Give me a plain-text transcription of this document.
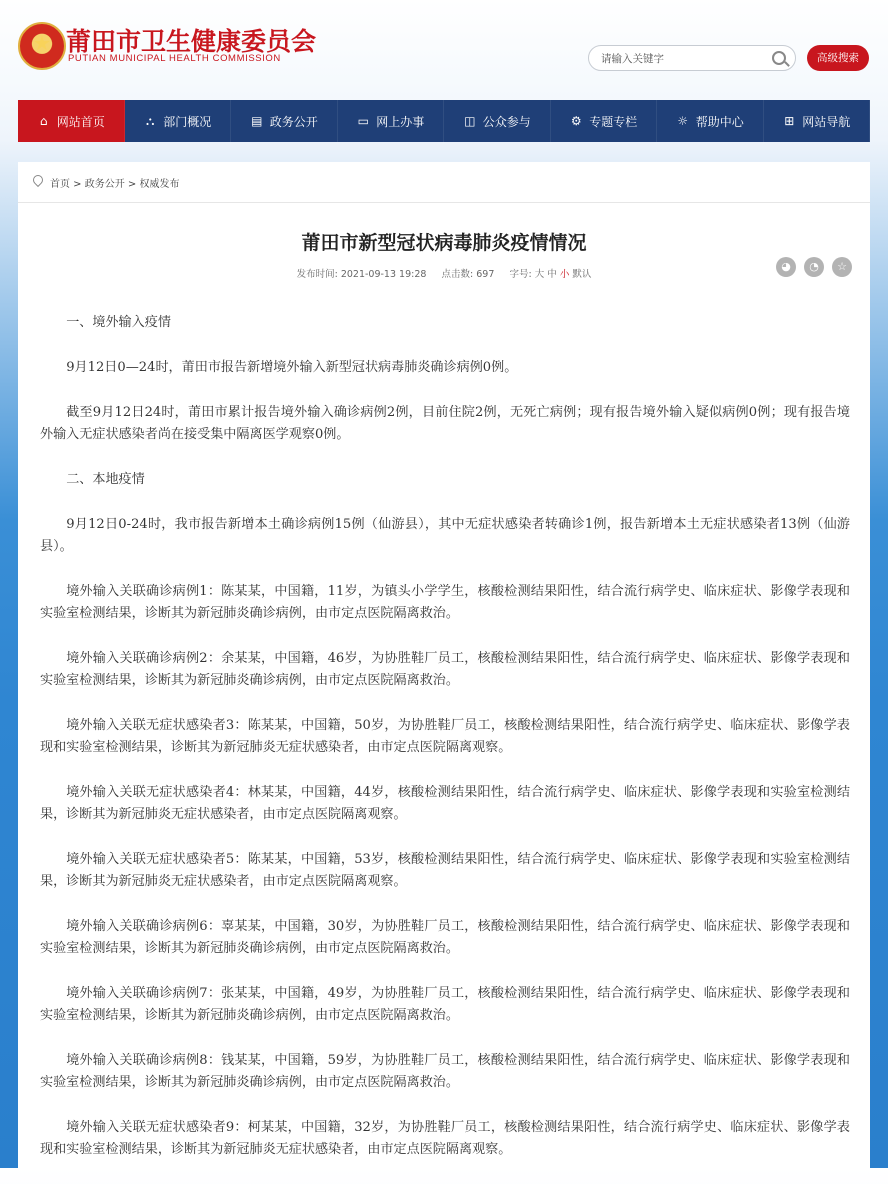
★ 莆田市卫生健康委员会
PUTIAN MUNICIPAL HEALTH COMMISSION
请输入关键字	高级搜索
⌂ 网站首页	⛬ 部门概况	▤ 政务公开	▭ 网上办事	◫ 公众参与	⚙ 专题专栏	☼ 帮助中心	⊞ 网站导航
首页 > 政务公开 > 权威发布
莆田市新型冠状病毒肺炎疫情情况
发布时间: 2021-09-13 19:28 点击数: 697 字号: 大 中 小 默认
◕	◔	☆

一、境外输入疫情

9月12日0—24时，莆田市报告新增境外输入新型冠状病毒肺炎确诊病例0例。

截至9月12日24时，莆田市累计报告境外输入确诊病例2例，目前住院2例，无死亡病例；现有报告境外输入疑似病例0例；现有报告境外输入无症状感染者尚在接受集中隔离医学观察0例。

二、本地疫情

9月12日0-24时，我市报告新增本土确诊病例15例（仙游县），其中无症状感染者转确诊1例，报告新增本土无症状感染者13例（仙游县）。

境外输入关联确诊病例1：陈某某，中国籍，11岁，为镇头小学学生，核酸检测结果阳性，结合流行病学史、临床症状、影像学表现和实验室检测结果，诊断其为新冠肺炎确诊病例，由市定点医院隔离救治。

境外输入关联确诊病例2：余某某，中国籍，46岁，为协胜鞋厂员工，核酸检测结果阳性，结合流行病学史、临床症状、影像学表现和实验室检测结果，诊断其为新冠肺炎确诊病例，由市定点医院隔离救治。

境外输入关联无症状感染者3：陈某某，中国籍，50岁，为协胜鞋厂员工，核酸检测结果阳性，结合流行病学史、临床症状、影像学表现和实验室检测结果，诊断其为新冠肺炎无症状感染者，由市定点医院隔离观察。

境外输入关联无症状感染者4：林某某，中国籍，44岁，核酸检测结果阳性，结合流行病学史、临床症状、影像学表现和实验室检测结果，诊断其为新冠肺炎无症状感染者，由市定点医院隔离观察。

境外输入关联无症状感染者5：陈某某，中国籍，53岁，核酸检测结果阳性，结合流行病学史、临床症状、影像学表现和实验室检测结果，诊断其为新冠肺炎无症状感染者，由市定点医院隔离观察。

境外输入关联确诊病例6：辜某某，中国籍，30岁，为协胜鞋厂员工，核酸检测结果阳性，结合流行病学史、临床症状、影像学表现和实验室检测结果，诊断其为新冠肺炎确诊病例，由市定点医院隔离救治。

境外输入关联确诊病例7：张某某，中国籍，49岁，为协胜鞋厂员工，核酸检测结果阳性，结合流行病学史、临床症状、影像学表现和实验室检测结果，诊断其为新冠肺炎确诊病例，由市定点医院隔离救治。

境外输入关联确诊病例8：钱某某，中国籍，59岁，为协胜鞋厂员工，核酸检测结果阳性，结合流行病学史、临床症状、影像学表现和实验室检测结果，诊断其为新冠肺炎确诊病例，由市定点医院隔离救治。

境外输入关联无症状感染者9：柯某某，中国籍，32岁，为协胜鞋厂员工，核酸检测结果阳性，结合流行病学史、临床症状、影像学表现和实验室检测结果，诊断其为新冠肺炎无症状感染者，由市定点医院隔离观察。
